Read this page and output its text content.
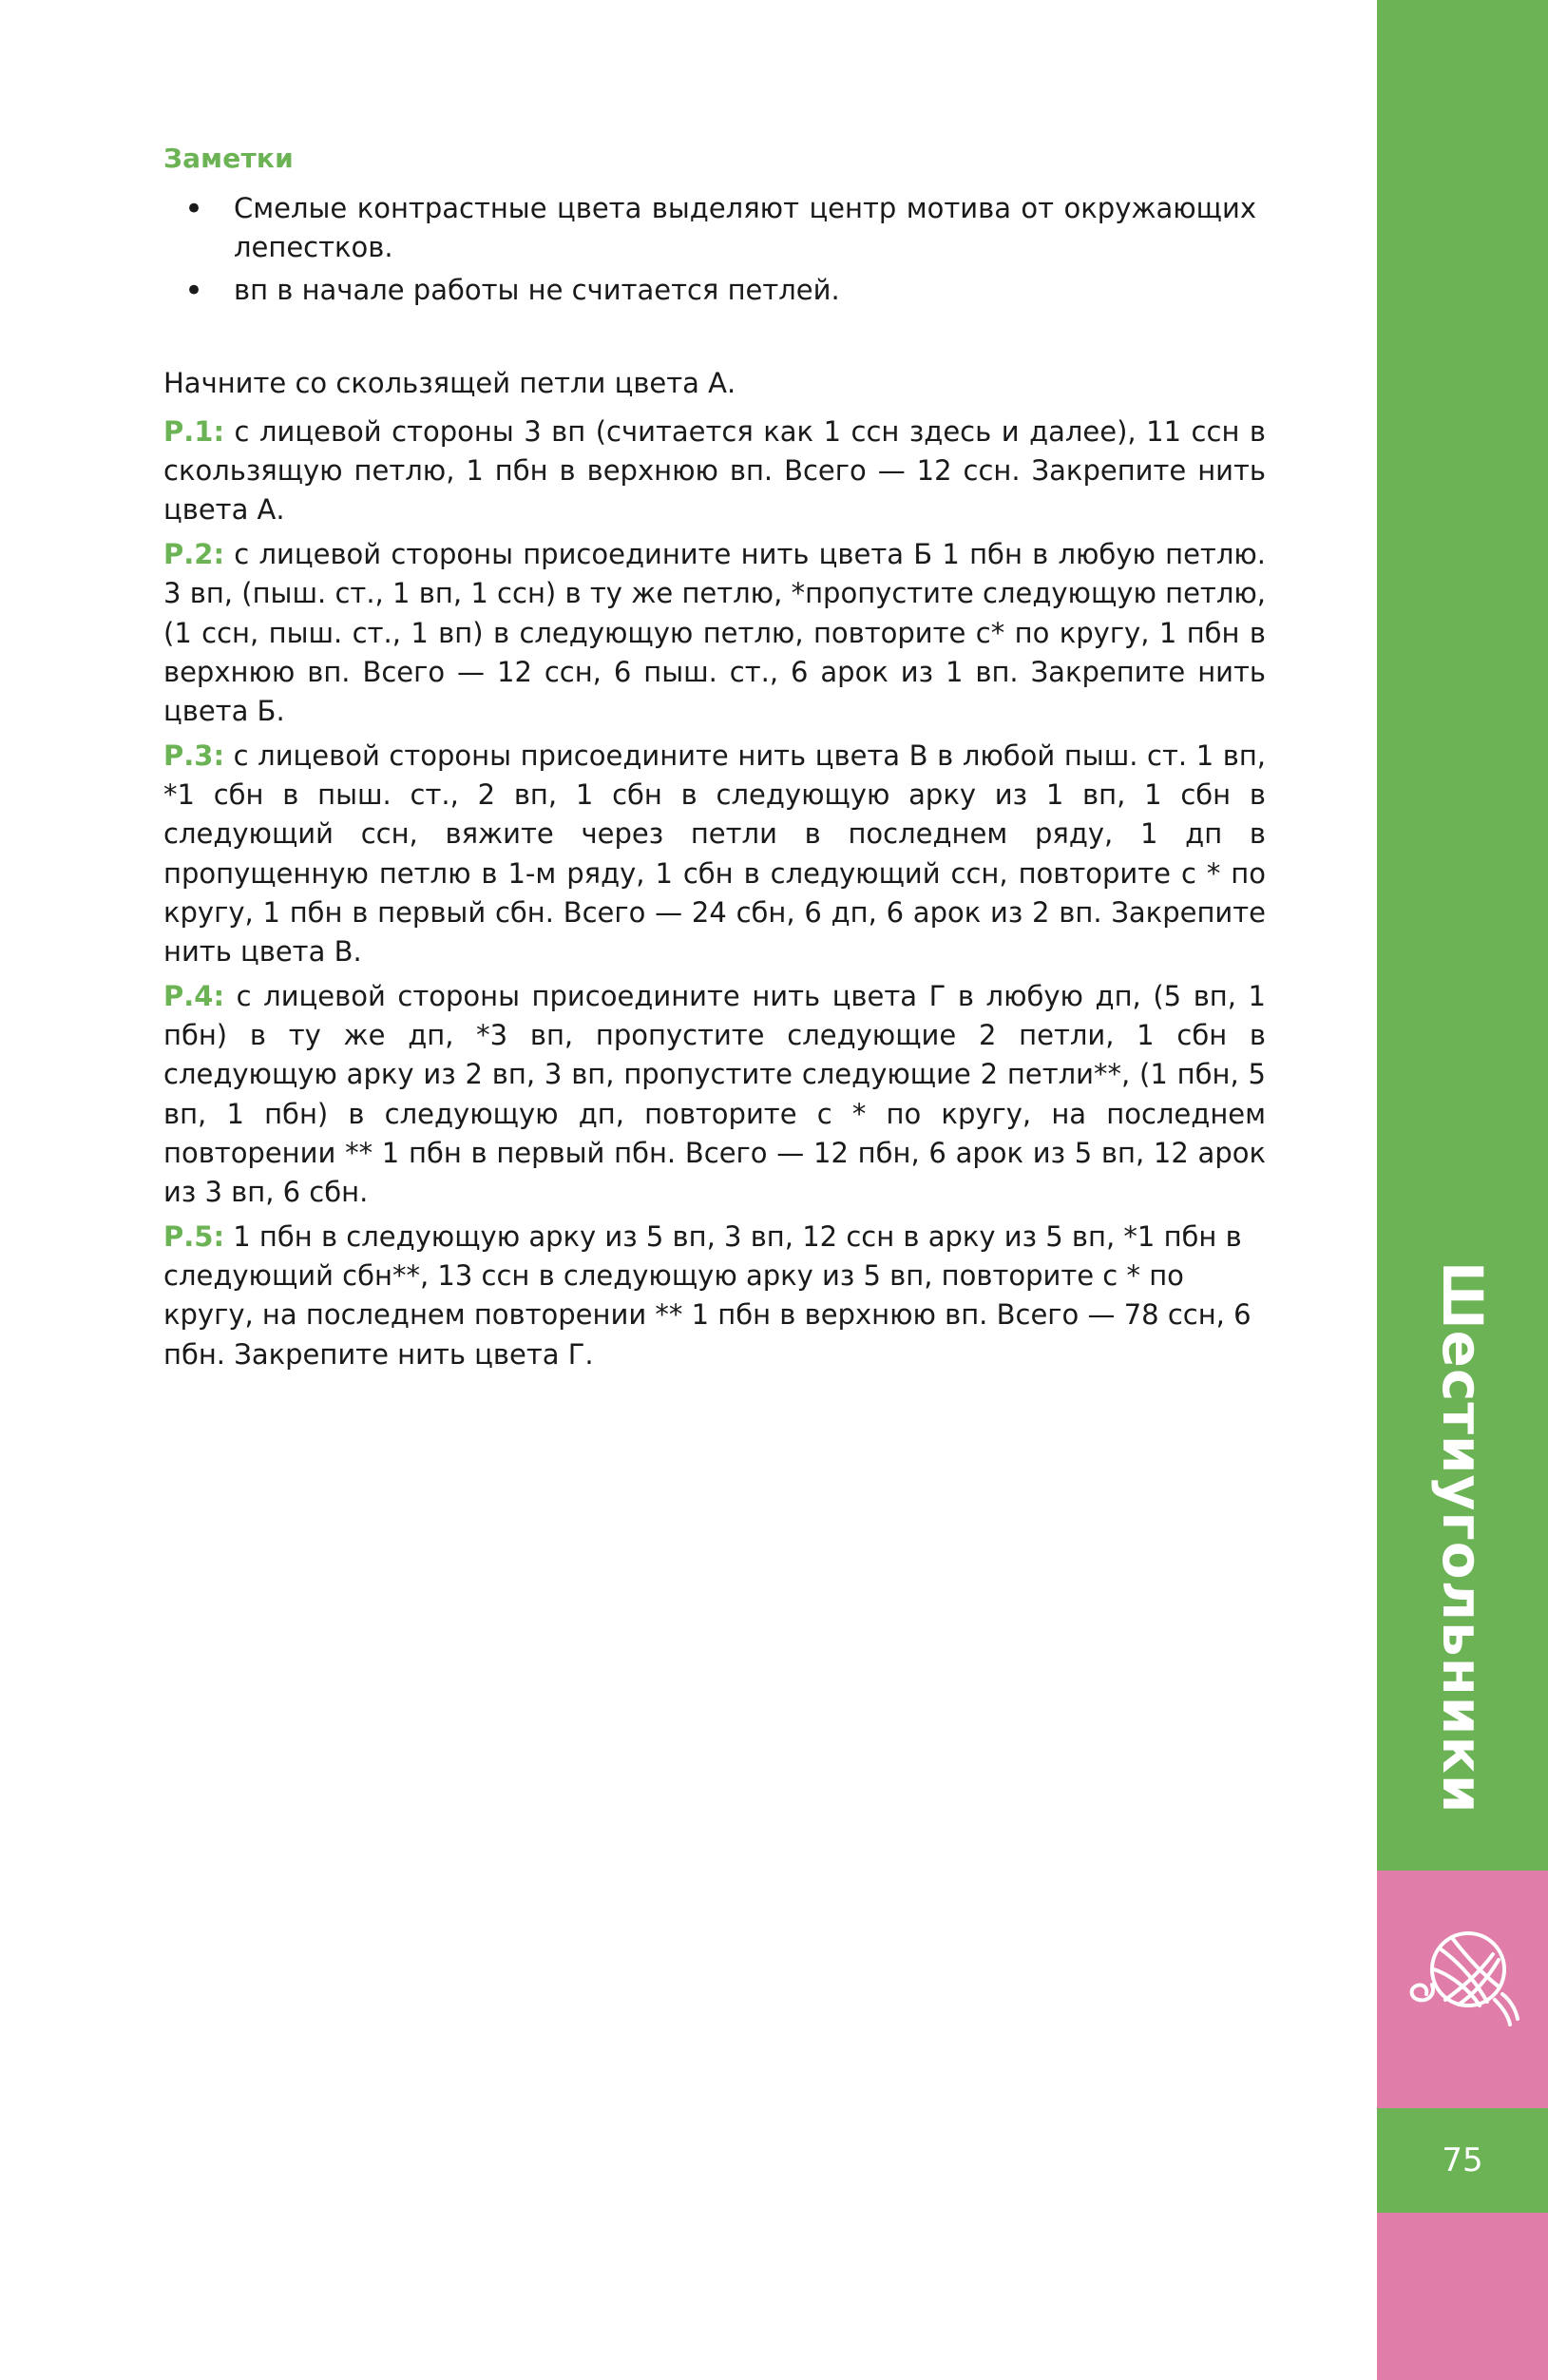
Шестиугольники
75

Заметки

• Смелые контрастные цвета выделяют центр мотива от окружающих лепестков.
• вп в начале работы не считается петлей.

Начните со скользящей петли цвета А.

Р.1: с лицевой стороны 3 вп (считается как 1 ссн здесь и далее), 11 ссн в скользящую петлю, 1 пбн в верхнюю вп. Всего — 12 ссн. Закрепите нить цвета А.

Р.2: с лицевой стороны присоедините нить цвета Б 1 пбн в любую петлю. 3 вп, (пыш. ст., 1 вп, 1 ссн) в ту же петлю, *пропустите следующую петлю, (1 ссн, пыш. ст., 1 вп) в следующую петлю, повторите с* по кругу, 1 пбн в верхнюю вп. Всего — 12 ссн, 6 пыш. ст., 6 арок из 1 вп. Закрепите нить цвета Б.

Р.3: с лицевой стороны присоедините нить цвета В в любой пыш. ст. 1 вп, *1 сбн в пыш. ст., 2 вп, 1 сбн в следующую арку из 1 вп, 1 сбн в следующий ссн, вяжите через петли в последнем ряду, 1 дп в пропущенную петлю в 1-м ряду, 1 сбн в следующий ссн, повторите с * по кругу, 1 пбн в первый сбн. Всего — 24 сбн, 6 дп, 6 арок из 2 вп. Закрепите нить цвета В.

Р.4: с лицевой стороны присоедините нить цвета Г в любую дп, (5 вп, 1 пбн) в ту же дп, *3 вп, пропустите следующие 2 петли, 1 сбн в следующую арку из 2 вп, 3 вп, пропустите следующие 2 петли**, (1 пбн, 5 вп, 1 пбн) в следующую дп, повторите с * по кругу, на последнем повторении ** 1 пбн в первый пбн. Всего — 12 пбн, 6 арок из 5 вп, 12 арок из 3 вп, 6 сбн.

Р.5: 1 пбн в следующую арку из 5 вп, 3 вп, 12 ссн в арку из 5 вп, *1 пбн в следующий сбн**, 13 ссн в следующую арку из 5 вп, повторите с * по кругу, на последнем повторении ** 1 пбн в верхнюю вп. Всего — 78 ссн, 6 пбн. Закрепите нить цвета Г.
